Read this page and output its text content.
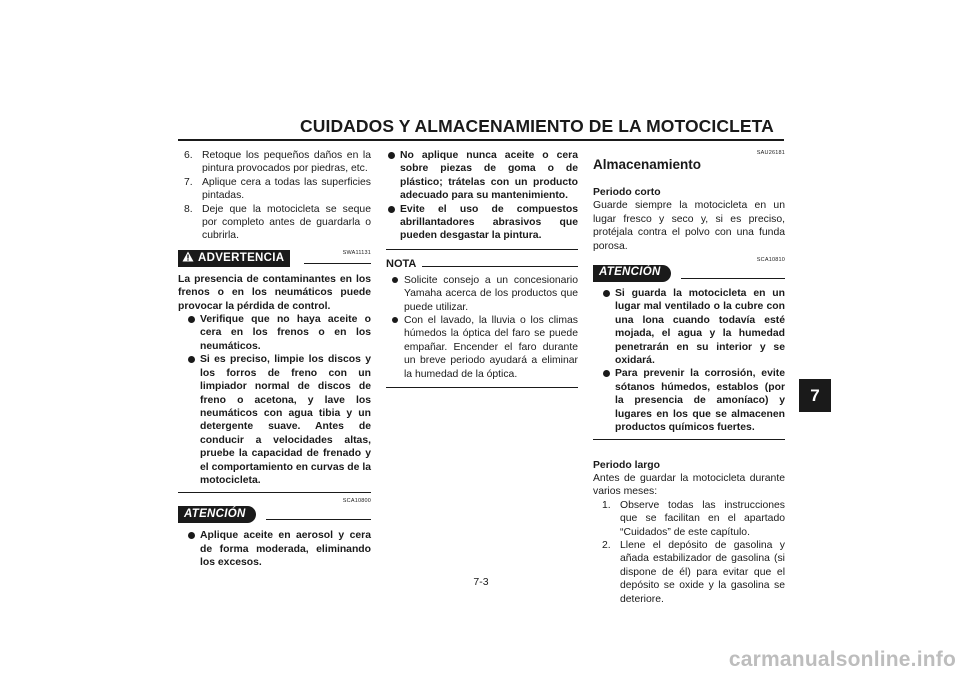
CUIDADOS Y ALMACENAMIENTO DE LA MOTOCICLETA
6. Retoque los pequeños daños en la pintura provocados por piedras, etc.
7. Aplique cera a todas las superficies pintadas.
8. Deje que la motocicleta se seque por completo antes de guardarla o cubrirla.
ADVERTENCIA	SWA11131
La presencia de contaminantes en los frenos o en los neumáticos puede provocar la pérdida de control.
Verifique que no haya aceite o cera en los frenos o en los neumáticos.
Si es preciso, limpie los discos y los forros de freno con un limpiador normal de discos de freno o acetona, y lave los neumáticos con agua tibia y un detergente suave. Antes de conducir a velocidades altas, pruebe la capacidad de frenado y el comportamiento en curvas de la motocicleta.
SCA10800
ATENCIÓN
Aplique aceite en aerosol y cera de forma moderada, eliminando los excesos.
No aplique nunca aceite o cera sobre piezas de goma o de plástico; trátelas con un producto adecuado para su mantenimiento.
Evite el uso de compuestos abrillantadores abrasivos que pueden desgastar la pintura.
NOTA
Solicite consejo a un concesionario Yamaha acerca de los productos que puede utilizar.
Con el lavado, la lluvia o los climas húmedos la óptica del faro se puede empañar. Encender el faro durante un breve periodo ayudará a eliminar la humedad de la óptica.
SAU26181
Almacenamiento
Periodo corto
Guarde siempre la motocicleta en un lugar fresco y seco y, si es preciso, protéjala contra el polvo con una funda porosa.
SCA10810
ATENCIÓN
Si guarda la motocicleta en un lugar mal ventilado o la cubre con una lona cuando todavía esté mojada, el agua y la humedad penetrarán en su interior y se oxidará.
Para prevenir la corrosión, evite sótanos húmedos, establos (por la presencia de amoníaco) y lugares en los que se almacenen productos químicos fuertes.
Periodo largo
Antes de guardar la motocicleta durante varios meses:
1. Observe todas las instrucciones que se facilitan en el apartado “Cuidados” de este capítulo.
2. Llene el depósito de gasolina y añada estabilizador de gasolina (si dispone de él) para evitar que el depósito se oxide y la gasolina se deteriore.
7
7-3
carmanualsonline.info
